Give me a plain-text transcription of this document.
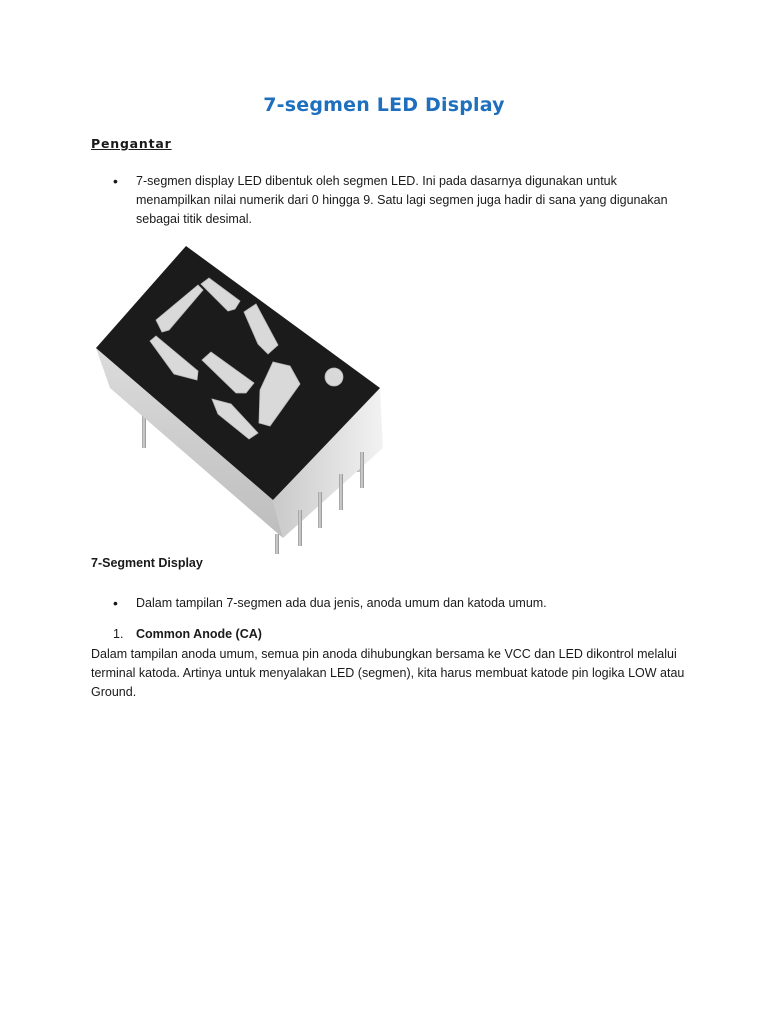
7-segmen LED Display
Pengantar
• 7-segmen display LED dibentuk oleh segmen LED. Ini pada dasarnya digunakan untuk menampilkan nilai numerik dari 0 hingga 9. Satu lagi segmen juga hadir di sana yang digunakan sebagai titik desimal.
7-Segment Display
• Dalam tampilan 7-segmen ada dua jenis, anoda umum dan katoda umum.
1. Common Anode (CA)

Dalam tampilan anoda umum, semua pin anoda dihubungkan bersama ke VCC dan LED dikontrol melalui terminal katoda. Artinya untuk menyalakan LED (segmen), kita harus membuat katode pin logika LOW atau Ground.
